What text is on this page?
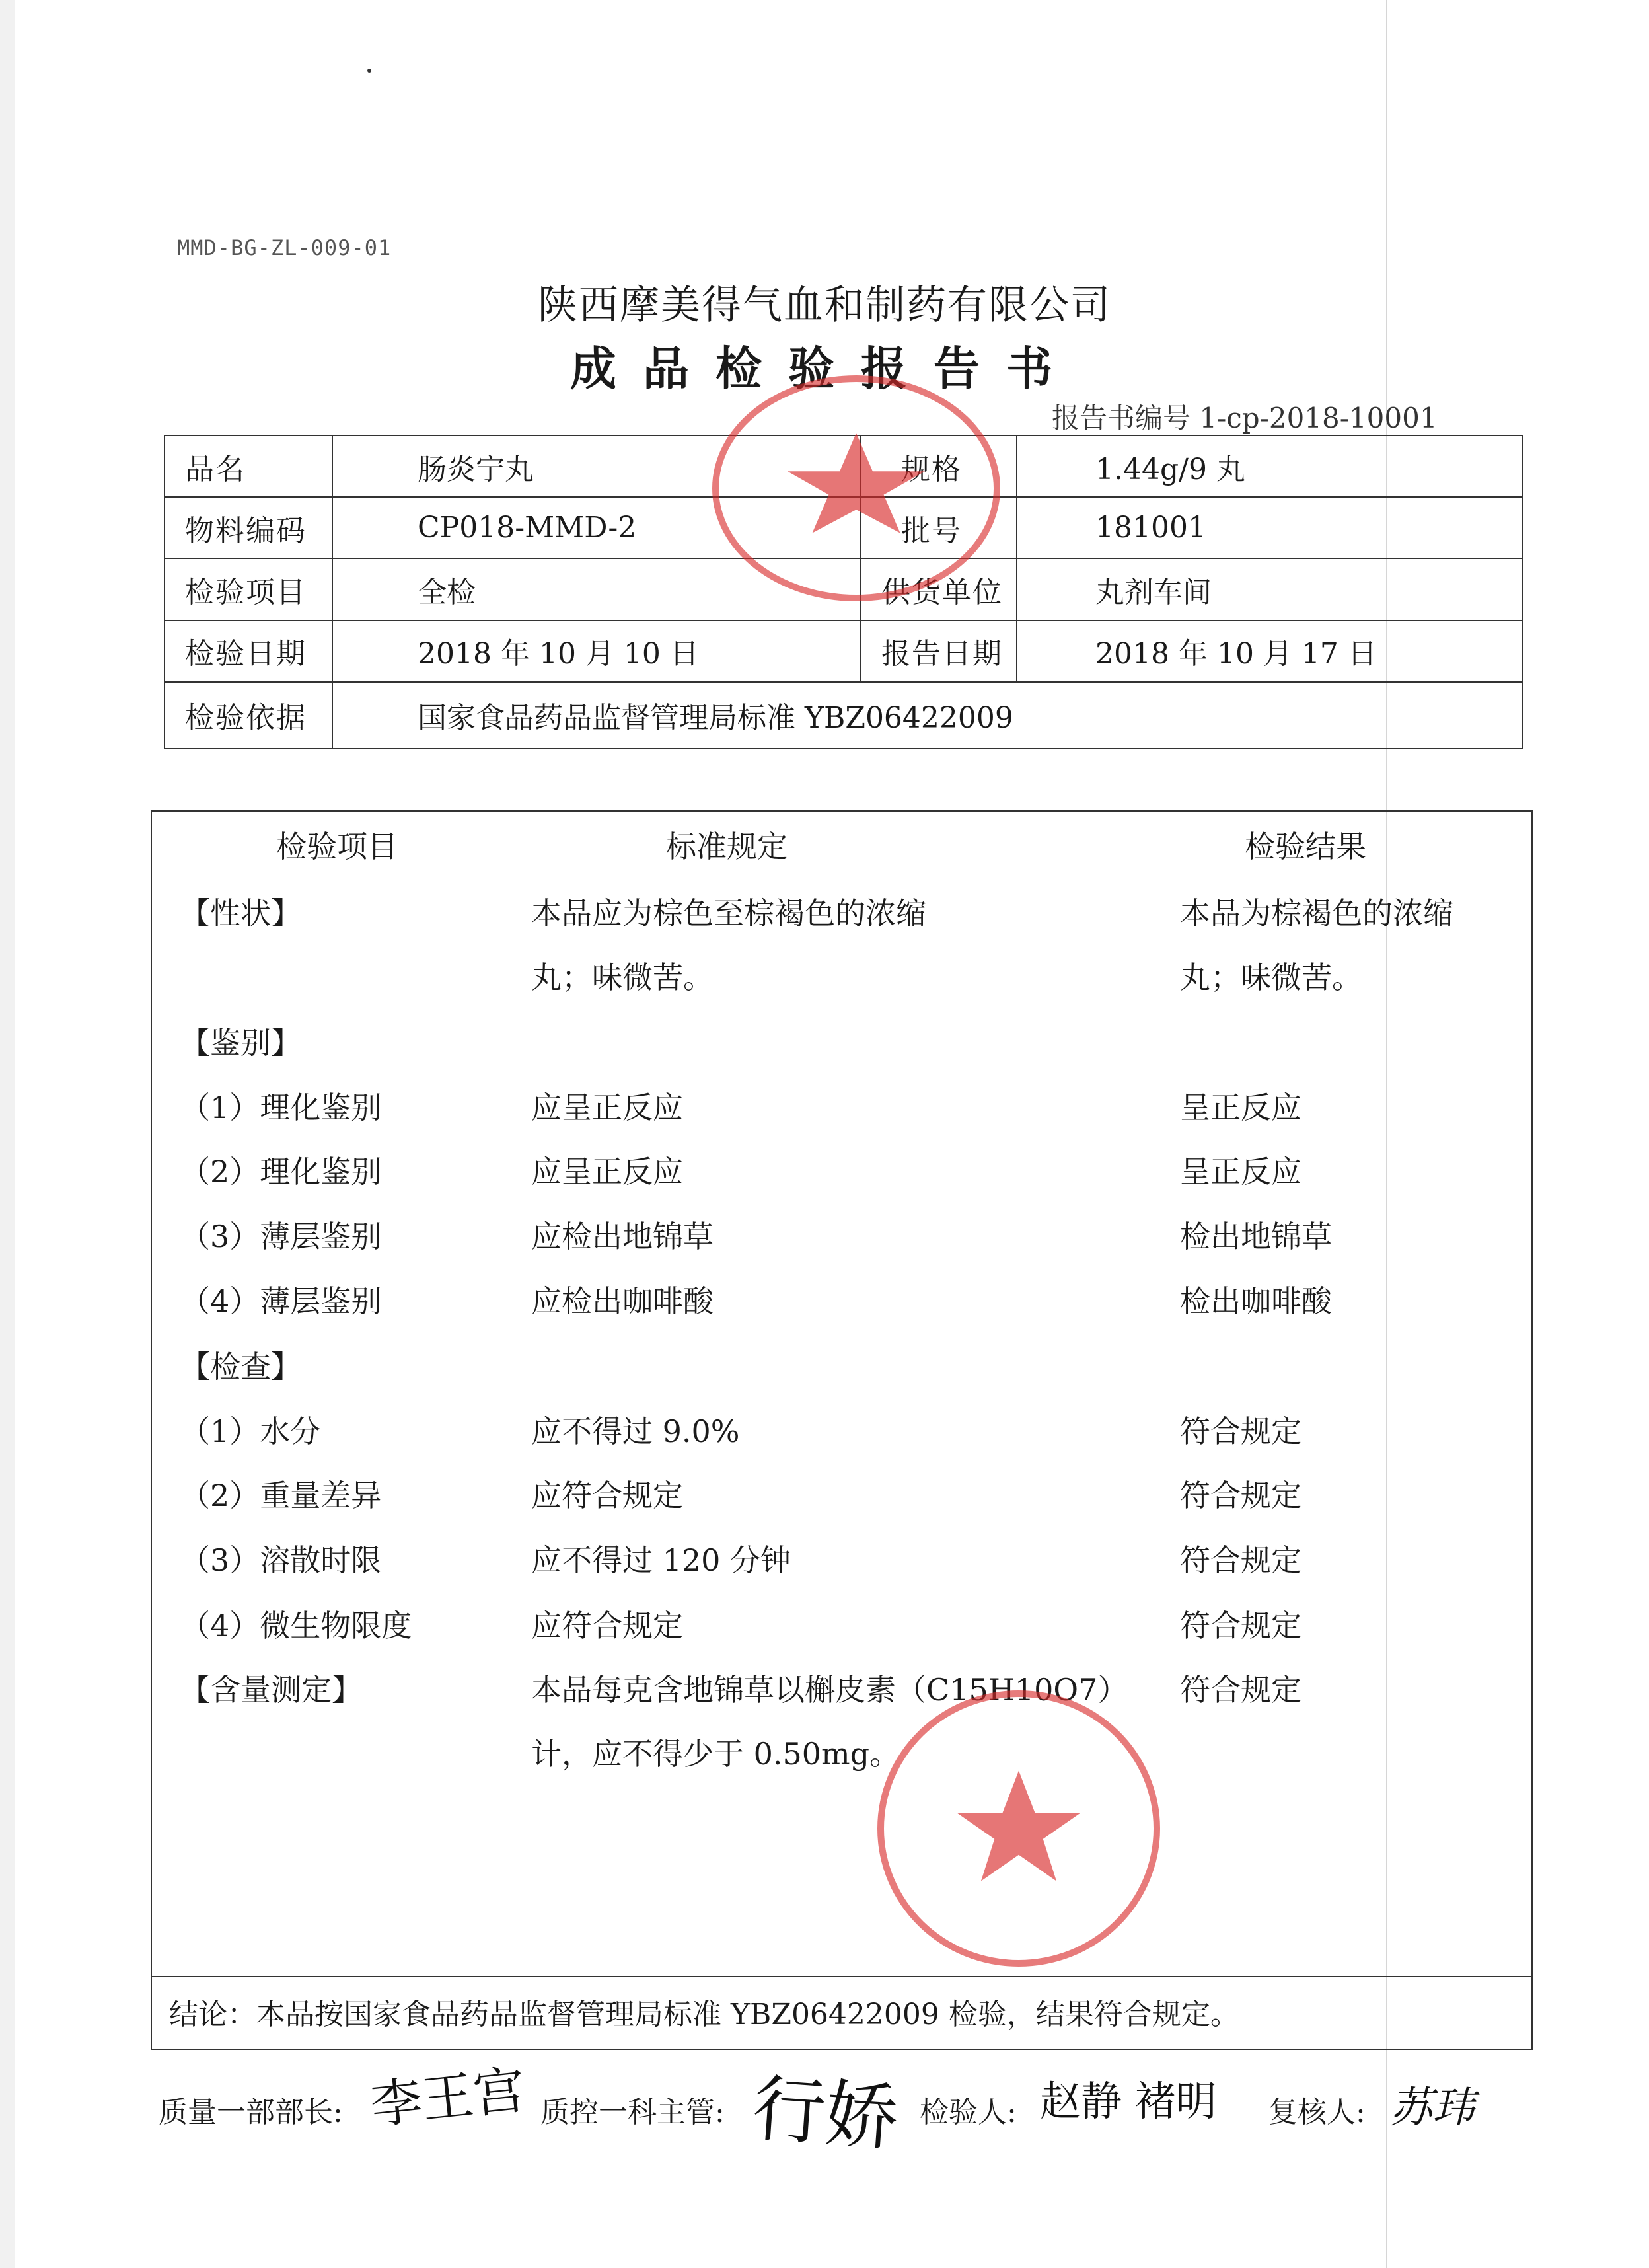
MMD-BG-ZL-009-01
陕西摩美得气血和制药有限公司
成品检验报告书
报告书编号 1-cp-2018-10001
品名	肠炎宁丸	规格	1.44g/9 丸
物料编码	CP018-MMD-2	批号	181001
检验项目	全检	供货单位	丸剂车间
检验日期	2018 年 10 月 10 日	报告日期	2018 年 10 月 17 日
检验依据	国家食品药品监督管理局标准 YBZ06422009		
检验项目	标准规定	检验结果
【性状】	本品应为棕色至棕褐色的浓缩	本品为棕褐色的浓缩
丸；味微苦。	丸；味微苦。
【鉴别】
（1）理化鉴别	应呈正反应	呈正反应
（2）理化鉴别	应呈正反应	呈正反应
（3）薄层鉴别	应检出地锦草	检出地锦草
（4）薄层鉴别	应检出咖啡酸	检出咖啡酸
【检查】
（1）水分	应不得过 9.0%	符合规定
（2）重量差异	应符合规定	符合规定
（3）溶散时限	应不得过 120 分钟	符合规定
（4）微生物限度	应符合规定	符合规定
【含量测定】	本品每克含地锦草以槲皮素（C15H10O7） 符合规定
计，应不得少于 0.50mg。
结论：本品按国家食品药品监督管理局标准 YBZ06422009 检验，结果符合规定。
质量一部部长: 李王宫 质控一科主管: 行娇 检验人: 赵静 褚明 复核人: 苏玮
